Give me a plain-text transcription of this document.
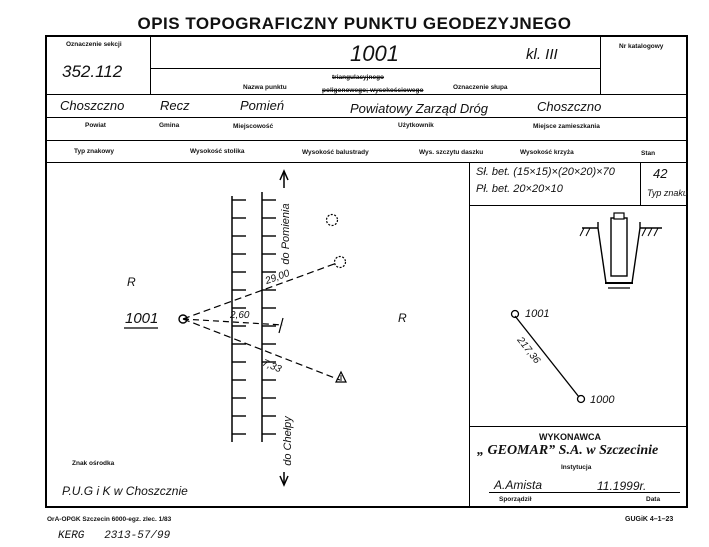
OPIS TOPOGRAFICZNY PUNKTU GEODEZYJNEGO
Oznaczenie sekcji
352.112
1001	kl. III	Nr katalogowy
Nazwa punktu
triangulacyjnego
poligonowego; wysokościowego	Oznaczenie słupa
Choszczno	Recz	Pomień	Powiatowy Zarząd Dróg	Choszczno
Powiat	Gmina	Miejscowość	Użytkownik	Miejsce zamieszkania
Typ znakowy	Wysokość stolika	Wysokość balustrady	Wys. szczytu daszku	Wysokość krzyża	Stan
Sł. bet. (15×15)×(20×20)×70
Pł. bet. 20×20×10
42
Typ znaku
1001
R
R
do Pomienia
do Chełpy
29,00
2,60
7,33
1001
1000
217,36
WYKONAWCA
„ GEOMAR” S.A. w Szczecinie
Instytucja
A.Amista	11.1999r.
Sporządził	Data
Znak ośrodka
P.U.G i K w Choszcznie
OrA-OPGK Szczecin 6000-egz. zlec. 1/83	GUGiK 4–1–23
KERG   2313-57/99
